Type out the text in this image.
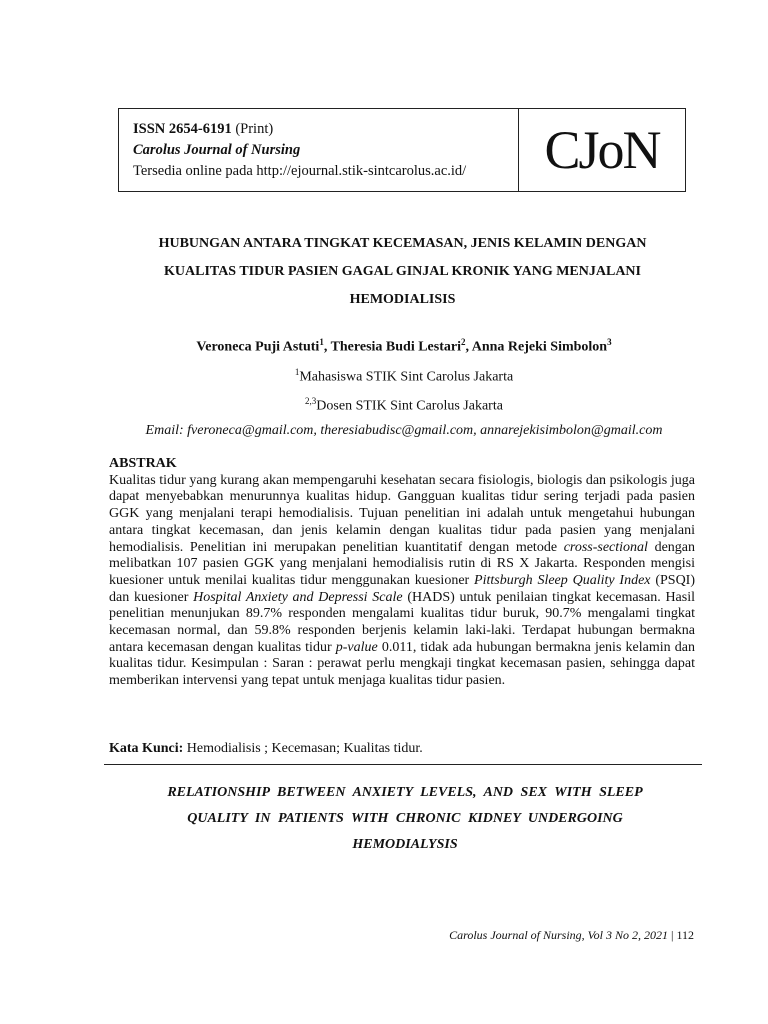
ISSN 2654-6191 (Print)
Carolus Journal of Nursing
Tersedia online pada http://ejournal.stik-sintcarolus.ac.id/	CJoN
HUBUNGAN ANTARA TINGKAT KECEMASAN, JENIS KELAMIN DENGAN
KUALITAS TIDUR PASIEN GAGAL GINJAL KRONIK YANG MENJALANI
HEMODIALISIS
Veroneca Puji Astuti$^1$, Theresia Budi Lestari$^2$, Anna Rejeki Simbolon$^3$
$^1$Mahasiswa STIK Sint Carolus Jakarta
$^{2,3}$Dosen STIK Sint Carolus Jakarta
Email: fveroneca@gmail.com, theresiabudisc@gmail.com, annarejekisimbolon@gmail.com
ABSTRAK
Kualitas tidur yang kurang akan mempengaruhi kesehatan secara fisiologis, biologis dan psikologis juga dapat menyebabkan menurunnya kualitas hidup. Gangguan kualitas tidur sering terjadi pada pasien GGK yang menjalani terapi hemodialisis. Tujuan penelitian ini adalah untuk mengetahui hubungan antara tingkat kecemasan, dan jenis kelamin dengan kualitas tidur pada pasien yang menjalani hemodialisis. Penelitian ini merupakan penelitian kuantitatif dengan metode cross-sectional dengan melibatkan 107 pasien GGK yang menjalani hemodialisis rutin di RS X Jakarta. Responden mengisi kuesioner untuk menilai kualitas tidur menggunakan kuesioner Pittsburgh Sleep Quality Index (PSQI) dan kuesioner Hospital Anxiety and Depressi Scale (HADS) untuk penilaian tingkat kecemasan. Hasil penelitian menunjukan 89.7% responden mengalami kualitas tidur buruk, 90.7% mengalami tingkat kecemasan normal, dan 59.8% responden berjenis kelamin laki-laki. Terdapat hubungan bermakna antara kecemasan dengan kualitas tidur p-value 0.011, tidak ada hubungan bermakna jenis kelamin dan kualitas tidur. Kesimpulan : Saran : perawat perlu mengkaji tingkat kecemasan pasien, sehingga dapat memberikan intervensi yang tepat untuk menjaga kualitas tidur pasien.
Kata Kunci: Hemodialisis ; Kecemasan; Kualitas tidur.
RELATIONSHIP BETWEEN ANXIETY LEVELS, AND SEX WITH SLEEP
QUALITY IN PATIENTS WITH CHRONIC KIDNEY UNDERGOING
HEMODIALYSIS
Carolus Journal of Nursing, Vol 3 No 2, 2021 | 112
